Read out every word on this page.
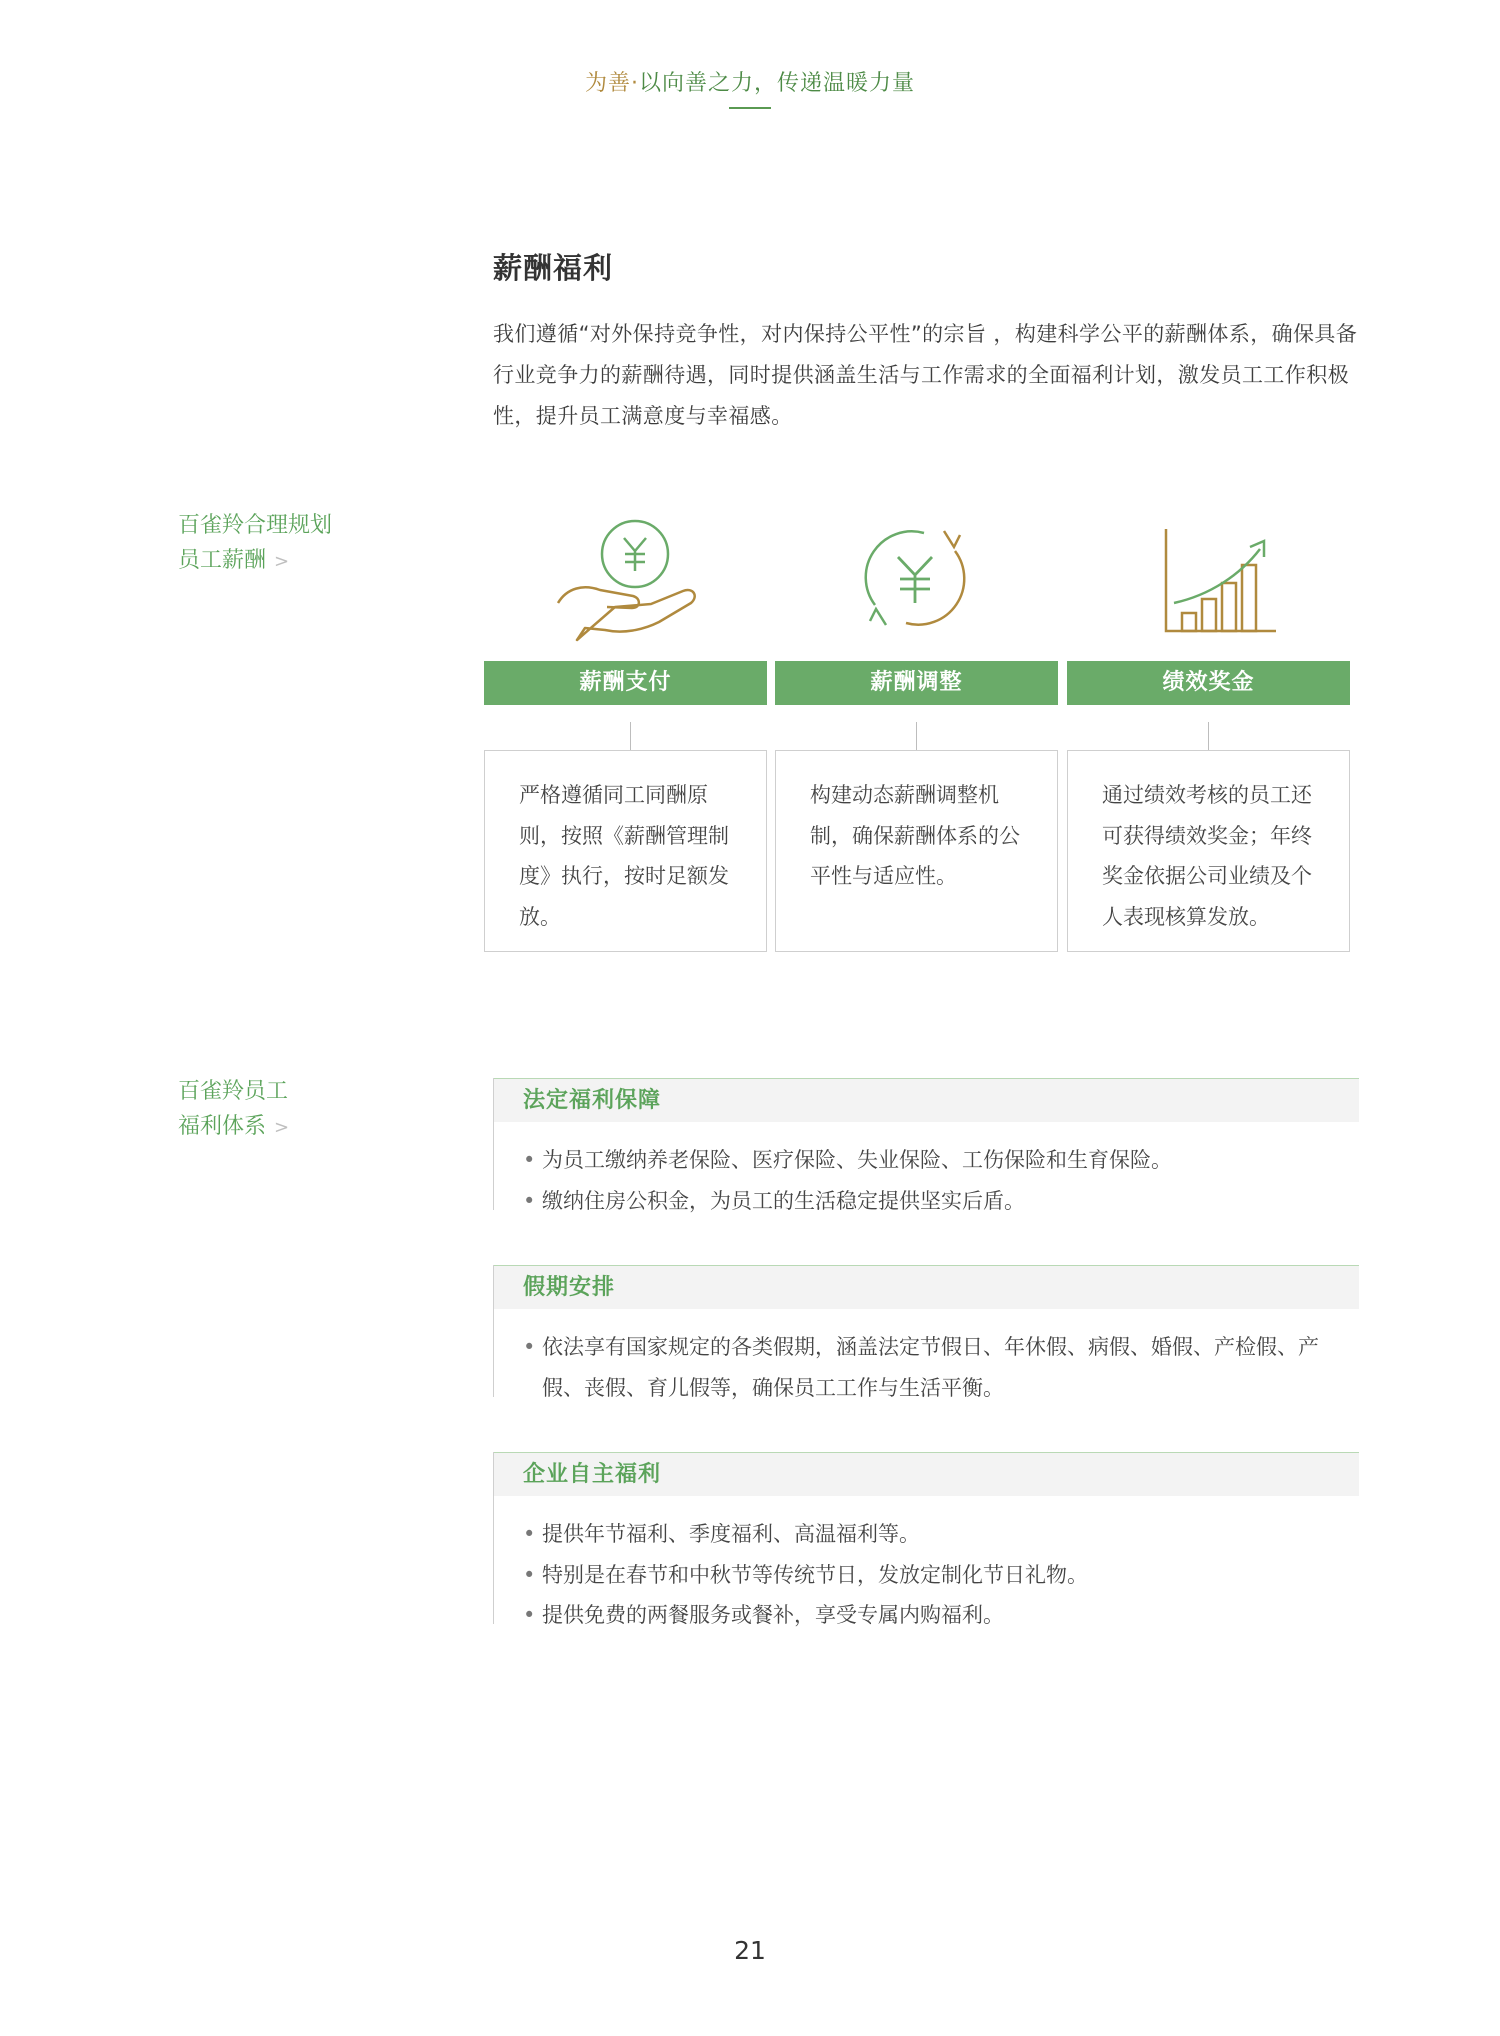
为善·以向善之力，传递温暖力量
薪酬福利

我们遵循“对外保持竞争性，对内保持公平性”的宗旨 ，构建科学公平的薪酬体系，确保具备行业竞争力的薪酬待遇，同时提供涵盖生活与工作需求的全面福利计划，激发员工工作积极性，提升员工满意度与幸福感。

百雀羚合理规划
员工薪酬 >
薪酬支付
严格遵循同工同酬原则，按照《薪酬管理制度》执行，按时足额发放。
薪酬调整
构建动态薪酬调整机制，确保薪酬体系的公平性与适应性。
绩效奖金
通过绩效考核的员工还可获得绩效奖金；年终奖金依据公司业绩及个人表现核算发放。
百雀羚员工
福利体系 >
法定福利保障
• 为员工缴纳养老保险、医疗保险、失业保险、工伤保险和生育保险。
• 缴纳住房公积金，为员工的生活稳定提供坚实后盾。
假期安排
• 依法享有国家规定的各类假期，涵盖法定节假日、年休假、病假、婚假、产检假、产假、丧假、育儿假等，确保员工工作与生活平衡。
企业自主福利
• 提供年节福利、季度福利、高温福利等。
• 特别是在春节和中秋节等传统节日，发放定制化节日礼物。
• 提供免费的两餐服务或餐补，享受专属内购福利。
21
